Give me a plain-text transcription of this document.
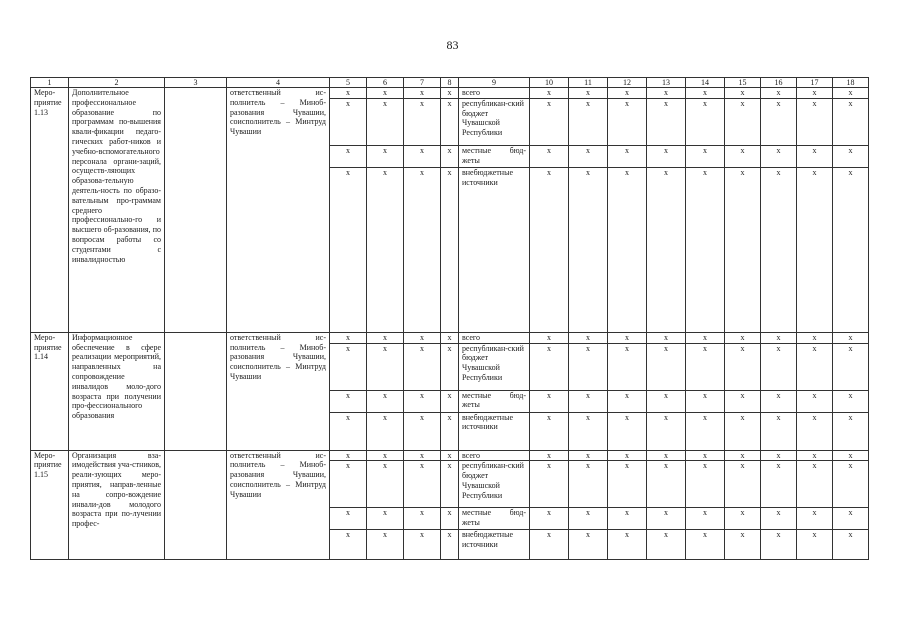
83
1	2	3	4	5	6	7	8	9	10	11	12	13	14	15	16	17	18
Меро-приятие 1.13	Дополнительное профессиональное образование по программам по-вышения квали-фикации педаго-гических работ-ников и учебно-вспомогательного персонала органи-заций, осуществ-ляющих образова-тельную деятель-ность по образо-вательным про-граммам среднего профессионально-го и высшего об-разования, по вопросам работы со студентами с инвалидностью		ответственный ис-полнитель – Миноб-разования Чувашии, соисполнитель – Минтруд Чувашии	x	x	x	x	всего	x	x	x	x	x	x	x	x	x
				x	x	x	x	республикан-ский бюджет Чувашской Республики	x	x	x	x	x	x	x	x	x
				x	x	x	x	местные бюд-жеты	x	x	x	x	x	x	x	x	x
				x	x	x	x	внебюджетные источники	x	x	x	x	x	x	x	x	x
Меро-приятие 1.14	Информационное обеспечение в сфере реализации мероприятий, направленных на сопровождение инвалидов моло-дого возраста при получении про-фессионального образования		ответственный ис-полнитель – Миноб-разования Чувашии, соисполнитель – Минтруд Чувашии	x	x	x	x	всего	x	x	x	x	x	x	x	x	x
				x	x	x	x	республикан-ский бюджет Чувашской Республики	x	x	x	x	x	x	x	x	x
				x	x	x	x	местные бюд-жеты	x	x	x	x	x	x	x	x	x
				x	x	x	x	внебюджетные источники	x	x	x	x	x	x	x	x	x
Меро-приятие 1.15	Организация вза-имодействия уча-стников, реали-зующих меро-приятия, направ-ленные на сопро-вождение инвали-дов молодого возраста при по-лучении профес-		ответственный ис-полнитель – Миноб-разования Чувашии, соисполнитель – Минтруд Чувашии	x	x	x	x	всего	x	x	x	x	x	x	x	x	x
				x	x	x	x	республикан-ский бюджет Чувашской Республики	x	x	x	x	x	x	x	x	x
				x	x	x	x	местные бюд-жеты	x	x	x	x	x	x	x	x	x
				x	x	x	x	внебюджетные источники	x	x	x	x	x	x	x	x	x
